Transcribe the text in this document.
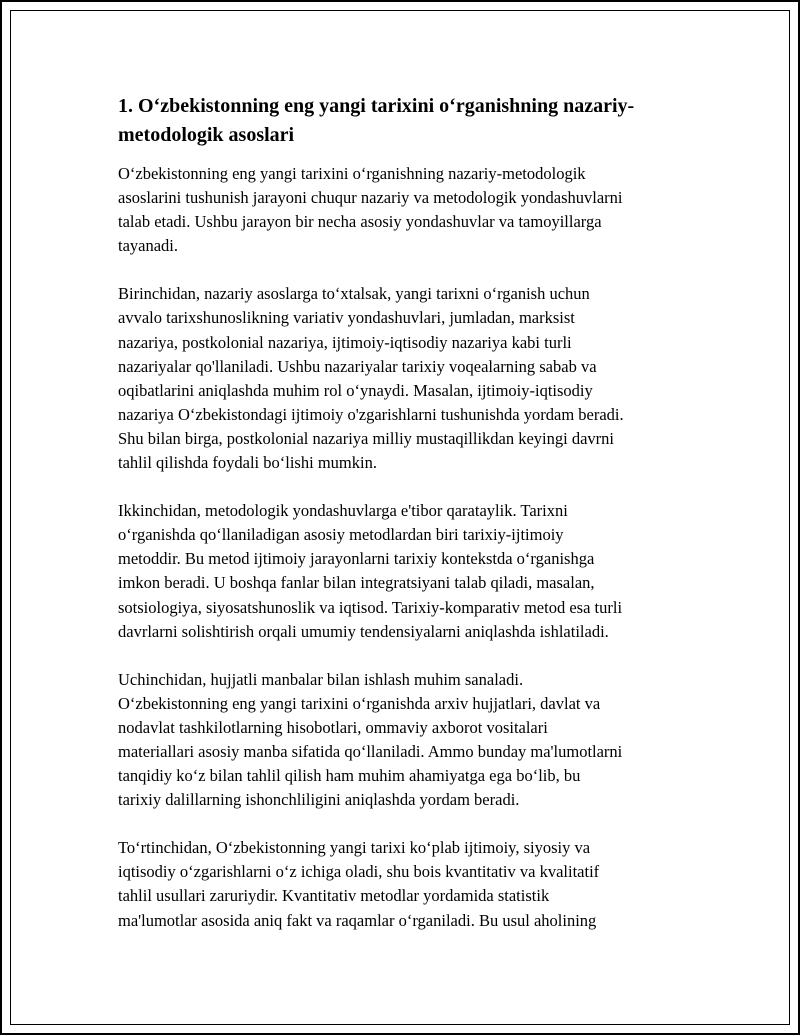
1. O‘zbekistonning eng yangi tarixini o‘rganishning nazariy-
metodologik asoslari
O‘zbekistonning eng yangi tarixini o‘rganishning nazariy-metodologik
asoslarini tushunish jarayoni chuqur nazariy va metodologik yondashuvlarni
talab etadi. Ushbu jarayon bir necha asosiy yondashuvlar va tamoyillarga
tayanadi.
Birinchidan, nazariy asoslarga to‘xtalsak, yangi tarixni o‘rganish uchun
avvalo tarixshunoslikning variativ yondashuvlari, jumladan, marksist
nazariya, postkolonial nazariya, ijtimoiy-iqtisodiy nazariya kabi turli
nazariyalar qo'llaniladi. Ushbu nazariyalar tarixiy voqealarning sabab va
oqibatlarini aniqlashda muhim rol o‘ynaydi. Masalan, ijtimoiy-iqtisodiy
nazariya O‘zbekistondagi ijtimoiy o'zgarishlarni tushunishda yordam beradi.
Shu bilan birga, postkolonial nazariya milliy mustaqillikdan keyingi davrni
tahlil qilishda foydali bo‘lishi mumkin.
Ikkinchidan, metodologik yondashuvlarga e'tibor qarataylik. Tarixni
o‘rganishda qo‘llaniladigan asosiy metodlardan biri tarixiy-ijtimoiy
metoddir. Bu metod ijtimoiy jarayonlarni tarixiy kontekstda o‘rganishga
imkon beradi. U boshqa fanlar bilan integratsiyani talab qiladi, masalan,
sotsiologiya, siyosatshunoslik va iqtisod. Tarixiy-komparativ metod esa turli
davrlarni solishtirish orqali umumiy tendensiyalarni aniqlashda ishlatiladi.
Uchinchidan, hujjatli manbalar bilan ishlash muhim sanaladi.
O‘zbekistonning eng yangi tarixini o‘rganishda arxiv hujjatlari, davlat va
nodavlat tashkilotlarning hisobotlari, ommaviy axborot vositalari
materiallari asosiy manba sifatida qo‘llaniladi. Ammo bunday ma'lumotlarni
tanqidiy ko‘z bilan tahlil qilish ham muhim ahamiyatga ega bo‘lib, bu
tarixiy dalillarning ishonchliligini aniqlashda yordam beradi.
To‘rtinchidan, O‘zbekistonning yangi tarixi ko‘plab ijtimoiy, siyosiy va
iqtisodiy o‘zgarishlarni o‘z ichiga oladi, shu bois kvantitativ va kvalitatif
tahlil usullari zaruriydir. Kvantitativ metodlar yordamida statistik
ma'lumotlar asosida aniq fakt va raqamlar o‘rganiladi. Bu usul aholining
